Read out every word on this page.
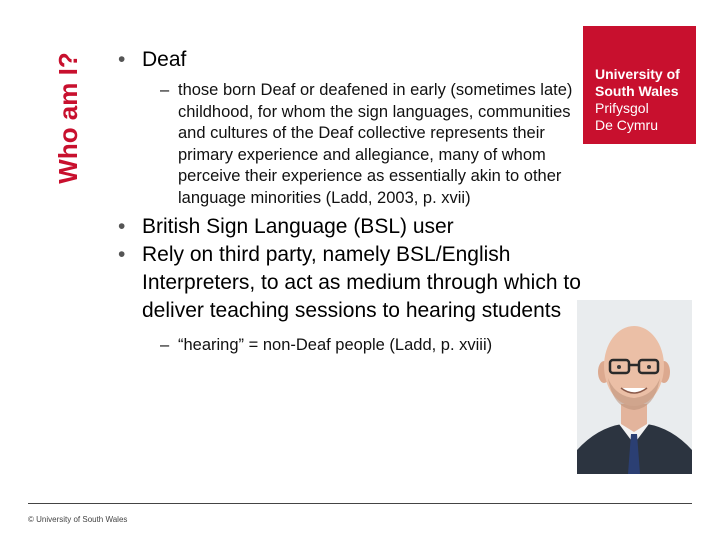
Who am I?	University of
South Wales
Prifysgol
De Cymru

• Deaf

– those born Deaf or deafened in early (sometimes late) childhood, for whom the sign languages, communities and cultures of the Deaf collective represents their primary experience and allegiance, many of whom perceive their experience as essentially akin to other language minorities (Ladd, 2003, p. xvii)

• British Sign Language (BSL) user

• Rely on third party, namely BSL/English Interpreters, to act as medium through which to deliver teaching sessions to hearing students

– “hearing” = non-Deaf people (Ladd, p. xviii)

© University of South Wales
